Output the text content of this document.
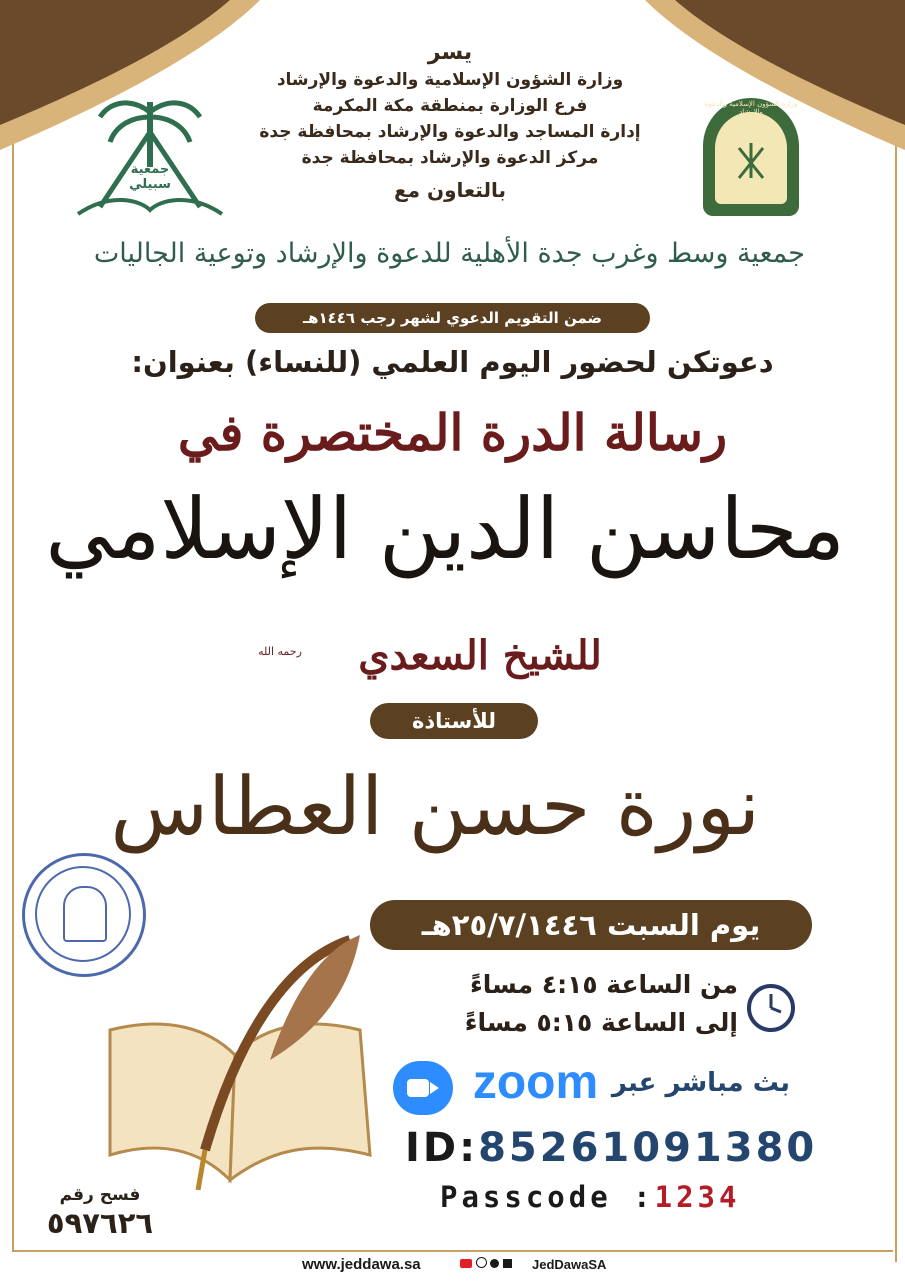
جمعية سبيلي
وزارة الشؤون الإسلامية والدعوة والإرشاد
يسر
وزارة الشؤون الإسلامية والدعوة والإرشاد
فرع الوزارة بمنطقة مكة المكرمة
إدارة المساجد والدعوة والإرشاد بمحافظة جدة
مركز الدعوة والإرشاد بمحافظة جدة
بالتعاون مع
جمعية وسط وغرب جدة الأهلية للدعوة والإرشاد وتوعية الجاليات
ضمن التقويم الدعوي لشهر رجب ١٤٤٦هـ
دعوتكن لحضور اليوم العلمي (للنساء) بعنوان:
رسالة الدرة المختصرة في
محاسن الدين الإسلامي
للشيخ السعدي
رحمه الله
للأستاذة
نورة حسن العطاس
يوم السبت ٢٥/٧/١٤٤٦هـ
من الساعة ٤:١٥ مساءً
إلى الساعة ٥:١٥ مساءً
zoom بث مباشر عبر
ID:85261091380
Passcode :1234
فسح رقم
٥٩٧٦٢٦
www.jeddawa.sa
	JedDawaSA
